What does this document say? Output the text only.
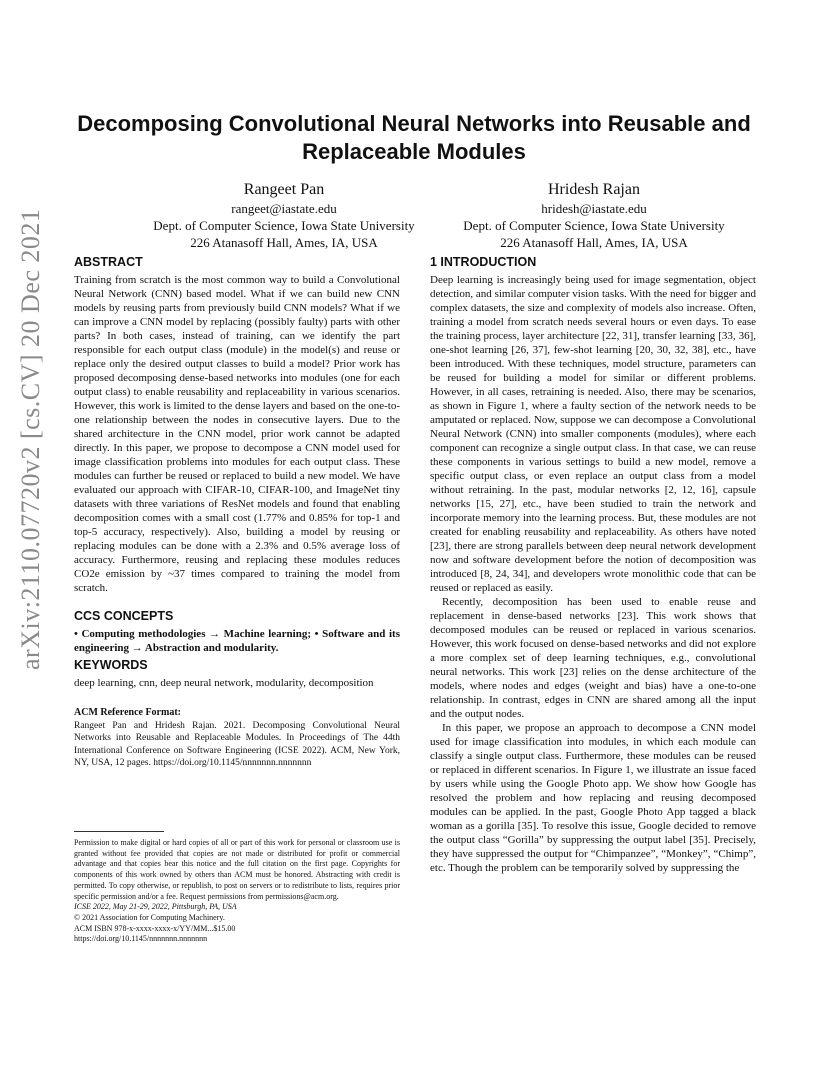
arXiv:2110.07720v2 [cs.CV] 20 Dec 2021
Decomposing Convolutional Neural Networks into Reusable and Replaceable Modules
Rangeet Pan
rangeet@iastate.edu
Dept. of Computer Science, Iowa State University
226 Atanasoff Hall, Ames, IA, USA
Hridesh Rajan
hridesh@iastate.edu
Dept. of Computer Science, Iowa State University
226 Atanasoff Hall, Ames, IA, USA
ABSTRACT

Training from scratch is the most common way to build a Convolutional Neural Network (CNN) based model. What if we can build new CNN models by reusing parts from previously build CNN models? What if we can improve a CNN model by replacing (possibly faulty) parts with other parts? In both cases, instead of training, can we identify the part responsible for each output class (module) in the model(s) and reuse or replace only the desired output classes to build a model? Prior work has proposed decomposing dense-based networks into modules (one for each output class) to enable reusability and replaceability in various scenarios. However, this work is limited to the dense layers and based on the one-to-one relationship between the nodes in consecutive layers. Due to the shared architecture in the CNN model, prior work cannot be adapted directly. In this paper, we propose to decompose a CNN model used for image classification problems into modules for each output class. These modules can further be reused or replaced to build a new model. We have evaluated our approach with CIFAR-10, CIFAR-100, and ImageNet tiny datasets with three variations of ResNet models and found that enabling decomposition comes with a small cost (1.77% and 0.85% for top-1 and top-5 accuracy, respectively). Also, building a model by reusing or replacing modules can be done with a 2.3% and 0.5% average loss of accuracy. Furthermore, reusing and replacing these modules reduces CO2e emission by ~37 times compared to training the model from scratch.

CCS CONCEPTS

• Computing methodologies → Machine learning; • Software and its engineering → Abstraction and modularity.

KEYWORDS

deep learning, cnn, deep neural network, modularity, decomposition

ACM Reference Format:

Rangeet Pan and Hridesh Rajan. 2021. Decomposing Convolutional Neural Networks into Reusable and Replaceable Modules. In Proceedings of The 44th International Conference on Software Engineering (ICSE 2022). ACM, New York, NY, USA, 12 pages. https://doi.org/10.1145/nnnnnnn.nnnnnnn

Permission to make digital or hard copies of all or part of this work for personal or classroom use is granted without fee provided that copies are not made or distributed for profit or commercial advantage and that copies bear this notice and the full citation on the first page. Copyrights for components of this work owned by others than ACM must be honored. Abstracting with credit is permitted. To copy otherwise, or republish, to post on servers or to redistribute to lists, requires prior specific permission and/or a fee. Request permissions from permissions@acm.org.
ICSE 2022, May 21-29, 2022, Pittsburgh, PA, USA
© 2021 Association for Computing Machinery.
ACM ISBN 978-x-xxxx-xxxx-x/YY/MM...$15.00
https://doi.org/10.1145/nnnnnnn.nnnnnnn
1 INTRODUCTION

Deep learning is increasingly being used for image segmentation, object detection, and similar computer vision tasks. With the need for bigger and complex datasets, the size and complexity of models also increase. Often, training a model from scratch needs several hours or even days. To ease the training process, layer architecture [22, 31], transfer learning [33, 36], one-shot learning [26, 37], few-shot learning [20, 30, 32, 38], etc., have been introduced. With these techniques, model structure, parameters can be reused for building a model for similar or different problems. However, in all cases, retraining is needed. Also, there may be scenarios, as shown in Figure 1, where a faulty section of the network needs to be amputated or replaced. Now, suppose we can decompose a Convolutional Neural Network (CNN) into smaller components (modules), where each component can recognize a single output class. In that case, we can reuse these components in various settings to build a new model, remove a specific output class, or even replace an output class from a model without retraining. In the past, modular networks [2, 12, 16], capsule networks [15, 27], etc., have been studied to train the network and incorporate memory into the learning process. But, these modules are not created for enabling reusability and replaceability. As others have noted [23], there are strong parallels between deep neural network development now and software development before the notion of decomposition was introduced [8, 24, 34], and developers wrote monolithic code that can be reused or replaced as easily.

Recently, decomposition has been used to enable reuse and replacement in dense-based networks [23]. This work shows that decomposed modules can be reused or replaced in various scenarios. However, this work focused on dense-based networks and did not explore a more complex set of deep learning techniques, e.g., convolutional neural networks. This work [23] relies on the dense architecture of the models, where nodes and edges (weight and bias) have a one-to-one relationship. In contrast, edges in CNN are shared among all the input and the output nodes.

In this paper, we propose an approach to decompose a CNN model used for image classification into modules, in which each module can classify a single output class. Furthermore, these modules can be reused or replaced in different scenarios. In Figure 1, we illustrate an issue faced by users while using the Google Photo app. We show how Google has resolved the problem and how replacing and reusing decomposed modules can be applied. In the past, Google Photo App tagged a black woman as a gorilla [35]. To resolve this issue, Google decided to remove the output class “Gorilla” by suppressing the output label [35]. Precisely, they have suppressed the output for “Chimpanzee”, “Monkey”, “Chimp”, etc. Though the problem can be temporarily solved by suppressing the
